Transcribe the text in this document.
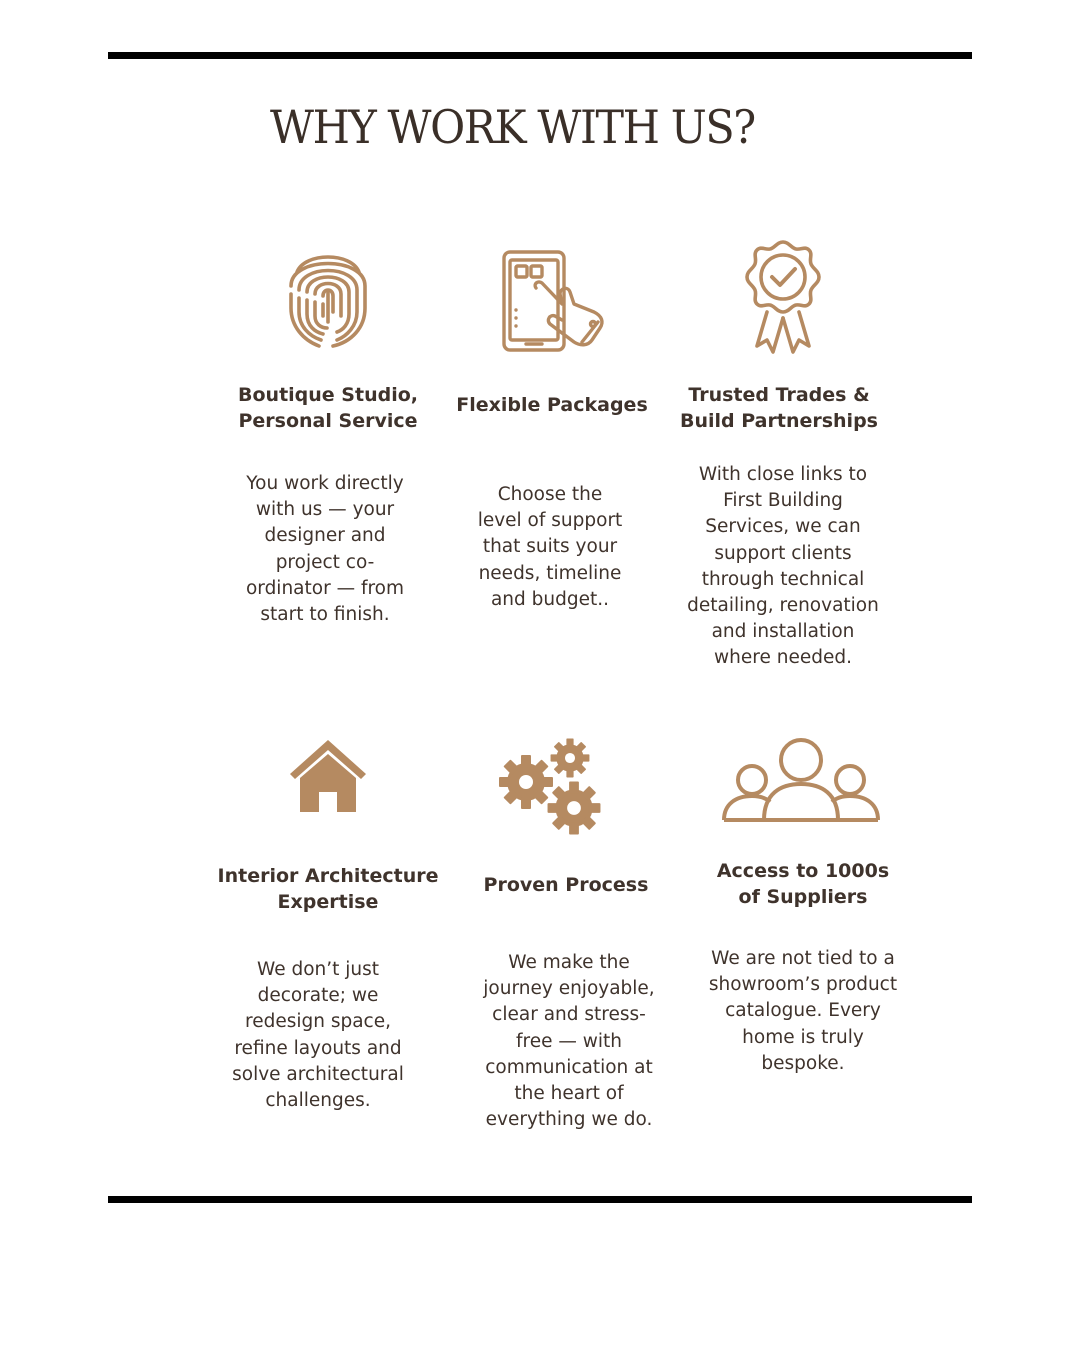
WHY WORK WITH US?
Boutique Studio,
Personal Service
You work directly
with us — your
designer and
project co-
ordinator — from
start to finish.
Flexible Packages
Choose the
level of support
that suits your
needs, timeline
and budget..
Trusted Trades &
Build Partnerships
With close links to
First Building
Services, we can
support clients
through technical
detailing, renovation
and installation
where needed.
Interior Architecture
Expertise
We don’t just
decorate; we
redesign space,
refine layouts and
solve architectural
challenges.
Proven Process
We make the
journey enjoyable,
clear and stress-
free — with
communication at
the heart of
everything we do.
Access to 1000s
of Suppliers
We are not tied to a
showroom’s product
catalogue. Every
home is truly
bespoke.
